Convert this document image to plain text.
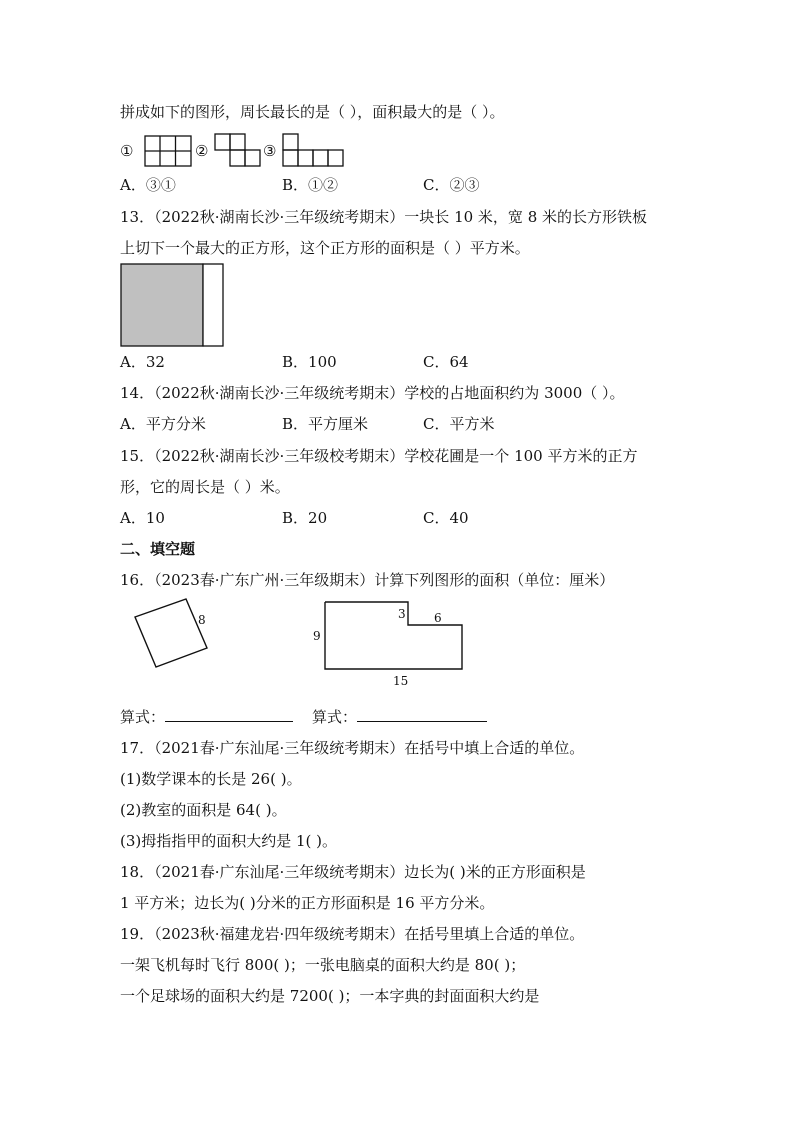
拼成如下的图形，周长最长的是（ ），面积最大的是（ ）。
①	②	③
A．③①	B．①②	C．②③
13．（2022秋·湖南长沙·三年级统考期末）一块长 10 米，宽 8 米的长方形铁板
上切下一个最大的正方形，这个正方形的面积是（ ）平方米。
A．32	B．100	C．64
14．（2022秋·湖南长沙·三年级统考期末）学校的占地面积约为 3000（ ）。
A．平方分米	B．平方厘米	C．平方米
15．（2022秋·湖南长沙·三年级校考期末）学校花圃是一个 100 平方米的正方
形，它的周长是（ ）米。
A．10	B．20	C．40
二、填空题
16．（2023春·广东广州·三年级期末）计算下列图形的面积（单位：厘米）
8
9
3 6
15
算式：	算式：
17．（2021春·广东汕尾·三年级统考期末）在括号中填上合适的单位。
(1)数学课本的长是 26( )。
(2)教室的面积是 64( )。
(3)拇指指甲的面积大约是 1( )。
18．（2021春·广东汕尾·三年级统考期末）边长为( )米的正方形面积是
1 平方米；边长为( )分米的正方形面积是 16 平方分米。
19．（2023秋·福建龙岩·四年级统考期末）在括号里填上合适的单位。
一架飞机每时飞行 800( )；一张电脑桌的面积大约是 80( )；
一个足球场的面积大约是 7200( )；一本字典的封面面积大约是
